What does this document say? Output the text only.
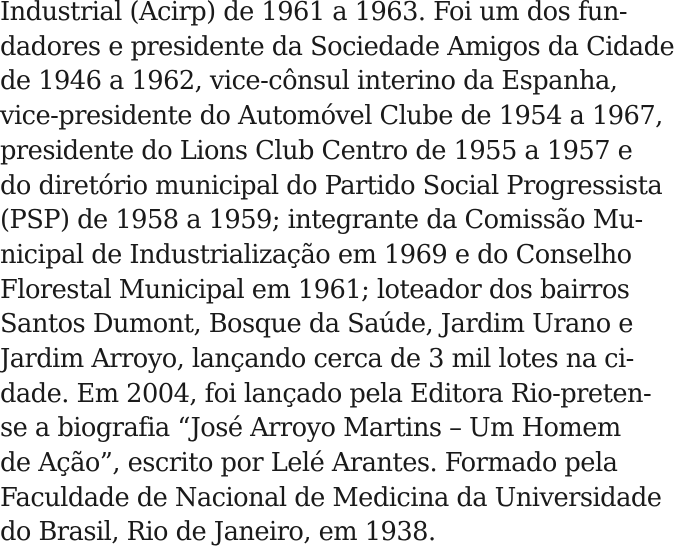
Industrial (Acirp) de 1961 a 1963. Foi um dos fun-
dadores e presidente da Sociedade Amigos da Cidade
de 1946 a 1962, vice-cônsul interino da Espanha,
vice-presidente do Automóvel Clube de 1954 a 1967,
presidente do Lions Club Centro de 1955 a 1957 e
do diretório municipal do Partido Social Progressista
(PSP) de 1958 a 1959; integrante da Comissão Mu-
nicipal de Industrialização em 1969 e do Conselho
Florestal Municipal em 1961; loteador dos bairros
Santos Dumont, Bosque da Saúde, Jardim Urano e
Jardim Arroyo, lançando cerca de 3 mil lotes na ci-
dade. Em 2004, foi lançado pela Editora Rio-preten-
se a biografia “José Arroyo Martins – Um Homem
de Ação”, escrito por Lelé Arantes. Formado pela
Faculdade de Nacional de Medicina da Universidade
do Brasil, Rio de Janeiro, em 1938.
